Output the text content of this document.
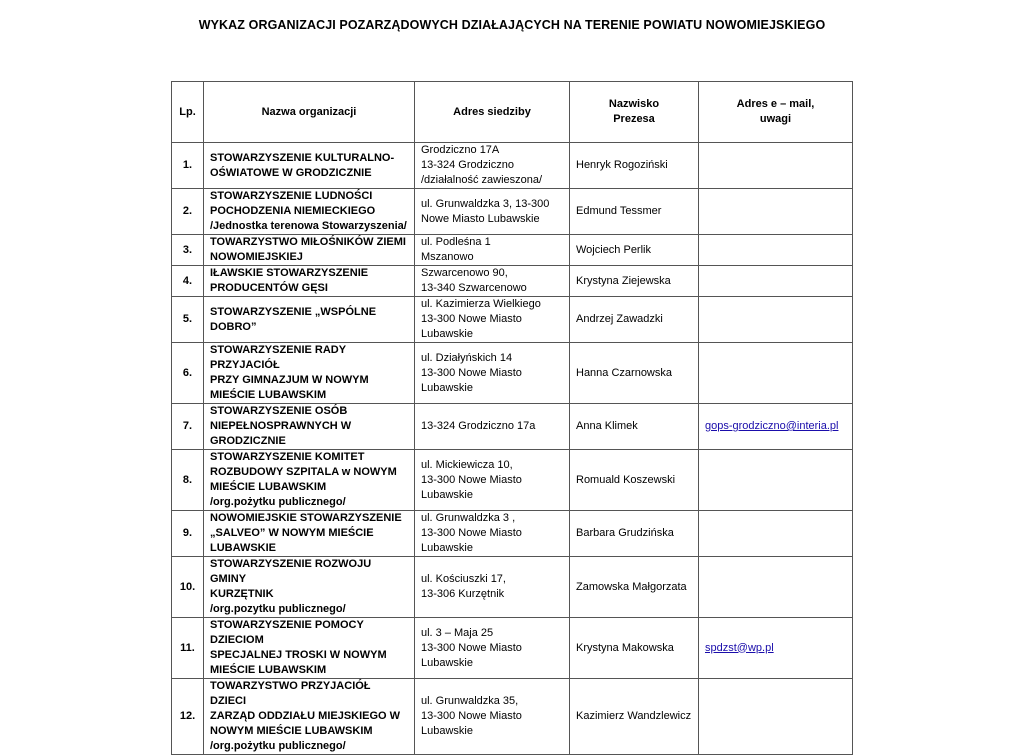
WYKAZ ORGANIZACJI POZARZĄDOWYCH DZIAŁAJĄCYCH NA TERENIE POWIATU NOWOMIEJSKIEGO
Lp.	Nazwa organizacji	Adres siedziby	Nazwisko
Prezesa	Adres e – mail,
uwagi

1.	STOWARZYSZENIE KULTURALNO-
OŚWIATOWE W GRODZICZNIE	Grodziczno 17A
13-324 Grodziczno
/działalność zawieszona/	Henryk Rogoziński	

2.	STOWARZYSZENIE LUDNOŚCI
POCHODZENIA NIEMIECKIEGO
/Jednostka terenowa Stowarzyszenia/	ul. Grunwaldzka 3, 13-300
Nowe Miasto Lubawskie	Edmund Tessmer	

3.	TOWARZYSTWO MIŁOŚNIKÓW ZIEMI
NOWOMIEJSKIEJ	ul. Podleśna 1
Mszanowo	Wojciech Perlik	

4.	IŁAWSKIE STOWARZYSZENIE
PRODUCENTÓW GĘSI	Szwarcenowo 90,
13-340 Szwarcenowo	Krystyna Ziejewska	

5.	STOWARZYSZENIE „WSPÓLNE DOBRO”	ul. Kazimierza Wielkiego
13-300 Nowe Miasto
Lubawskie	Andrzej Zawadzki	

6.	STOWARZYSZENIE RADY PRZYJACIÓŁ
PRZY GIMNAZJUM W NOWYM
MIEŚCIE LUBAWSKIM	ul. Działyńskich 14
13-300 Nowe Miasto
Lubawskie	Hanna Czarnowska	

7.	STOWARZYSZENIE OSÓB
NIEPEŁNOSPRAWNYCH W
GRODZICZNIE	13-324 Grodziczno 17a	Anna Klimek	gops-grodziczno@interia.pl

8.	STOWARZYSZENIE KOMITET
ROZBUDOWY SZPITALA w NOWYM
MIEŚCIE LUBAWSKIM
/org.pożytku publicznego/	ul. Mickiewicza 10,
13-300 Nowe Miasto
Lubawskie	Romuald Koszewski	

9.	NOWOMIEJSKIE STOWARZYSZENIE
„SALVEO” W NOWYM MIEŚCIE
LUBAWSKIE	ul. Grunwaldzka 3 ,
13-300 Nowe Miasto
Lubawskie	Barbara Grudzińska	

10.	STOWARZYSZENIE ROZWOJU GMINY
KURZĘTNIK
/org.pozytku publicznego/	ul. Kościuszki 17,
13-306 Kurzętnik	Zamowska Małgorzata	

11.	STOWARZYSZENIE POMOCY DZIECIOM
SPECJALNEJ TROSKI W NOWYM
MIEŚCIE LUBAWSKIM	ul. 3 – Maja 25
13-300 Nowe Miasto
Lubawskie	Krystyna Makowska	spdzst@wp.pl

12.	TOWARZYSTWO PRZYJACIÓŁ DZIECI
ZARZĄD ODDZIAŁU MIEJSKIEGO W
NOWYM MIEŚCIE LUBAWSKIM
/org.pożytku publicznego/	ul. Grunwaldzka 35,
13-300 Nowe Miasto
Lubawskie	Kazimierz Wandzlewicz	
